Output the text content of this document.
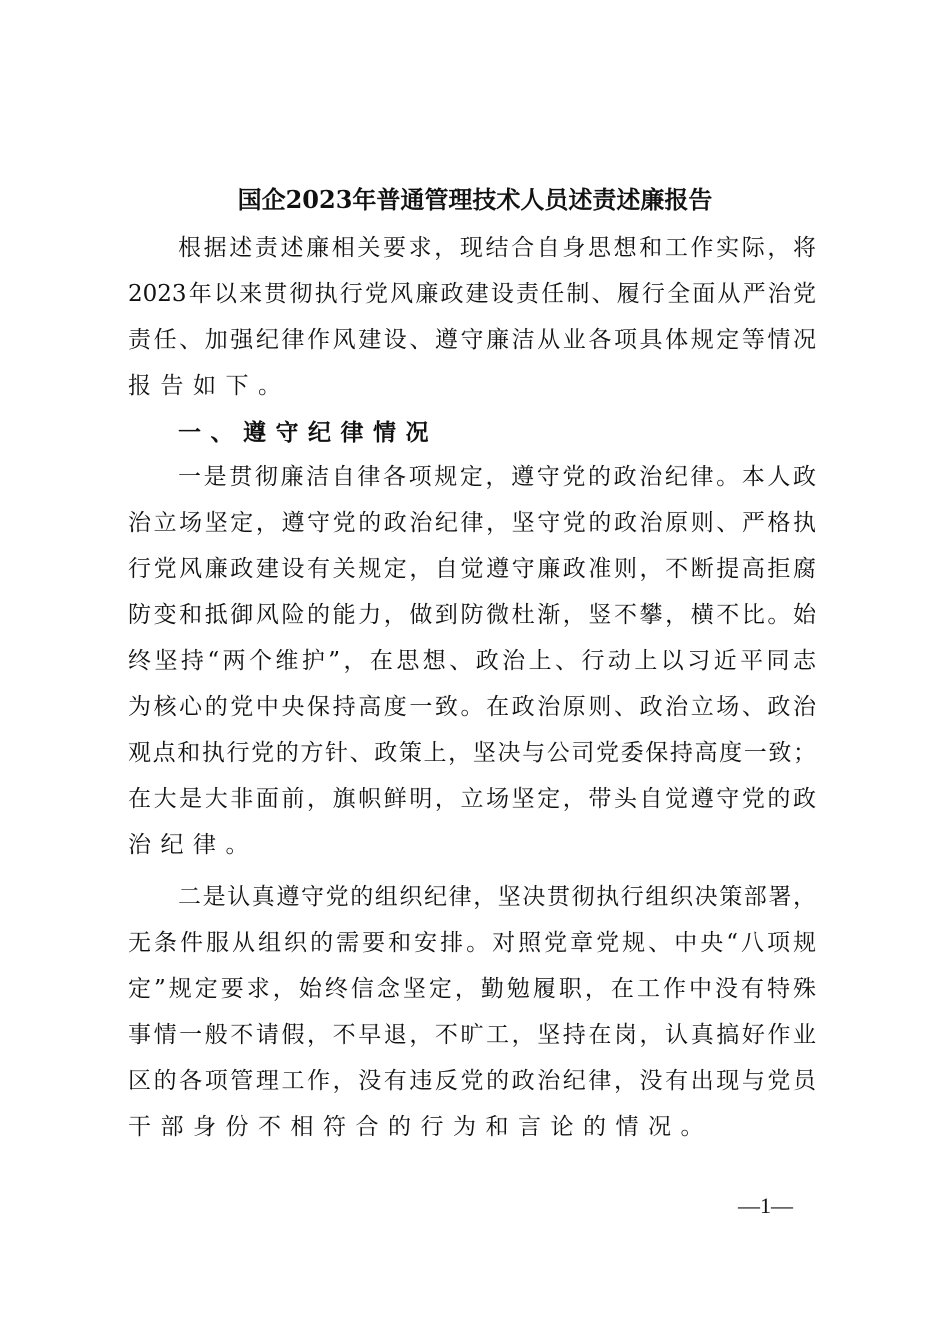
国企2023年普通管理技术人员述责述廉报告
根据述责述廉相关要求，现结合自身思想和工作实际，将
2023年以来贯彻执行党风廉政建设责任制、履行全面从严治党
责任、加强纪律作风建设、遵守廉洁从业各项具体规定等情况
报告如下。
一、遵守纪律情况
一是贯彻廉洁自律各项规定，遵守党的政治纪律。本人政
治立场坚定，遵守党的政治纪律，坚守党的政治原则、严格执
行党风廉政建设有关规定，自觉遵守廉政准则，不断提高拒腐
防变和抵御风险的能力，做到防微杜渐，竖不攀，横不比。始
终坚持“两个维护”，在思想、政治上、行动上以习近平同志
为核心的党中央保持高度一致。在政治原则、政治立场、政治
观点和执行党的方针、政策上，坚决与公司党委保持高度一致；
在大是大非面前，旗帜鲜明，立场坚定，带头自觉遵守党的政
治纪律。
二是认真遵守党的组织纪律，坚决贯彻执行组织决策部署，
无条件服从组织的需要和安排。对照党章党规、中央“八项规
定”规定要求，始终信念坚定，勤勉履职，在工作中没有特殊
事情一般不请假，不早退，不旷工，坚持在岗，认真搞好作业
区的各项管理工作，没有违反党的政治纪律，没有出现与党员
干部身份不相符合的行为和言论的情况。
—1—
